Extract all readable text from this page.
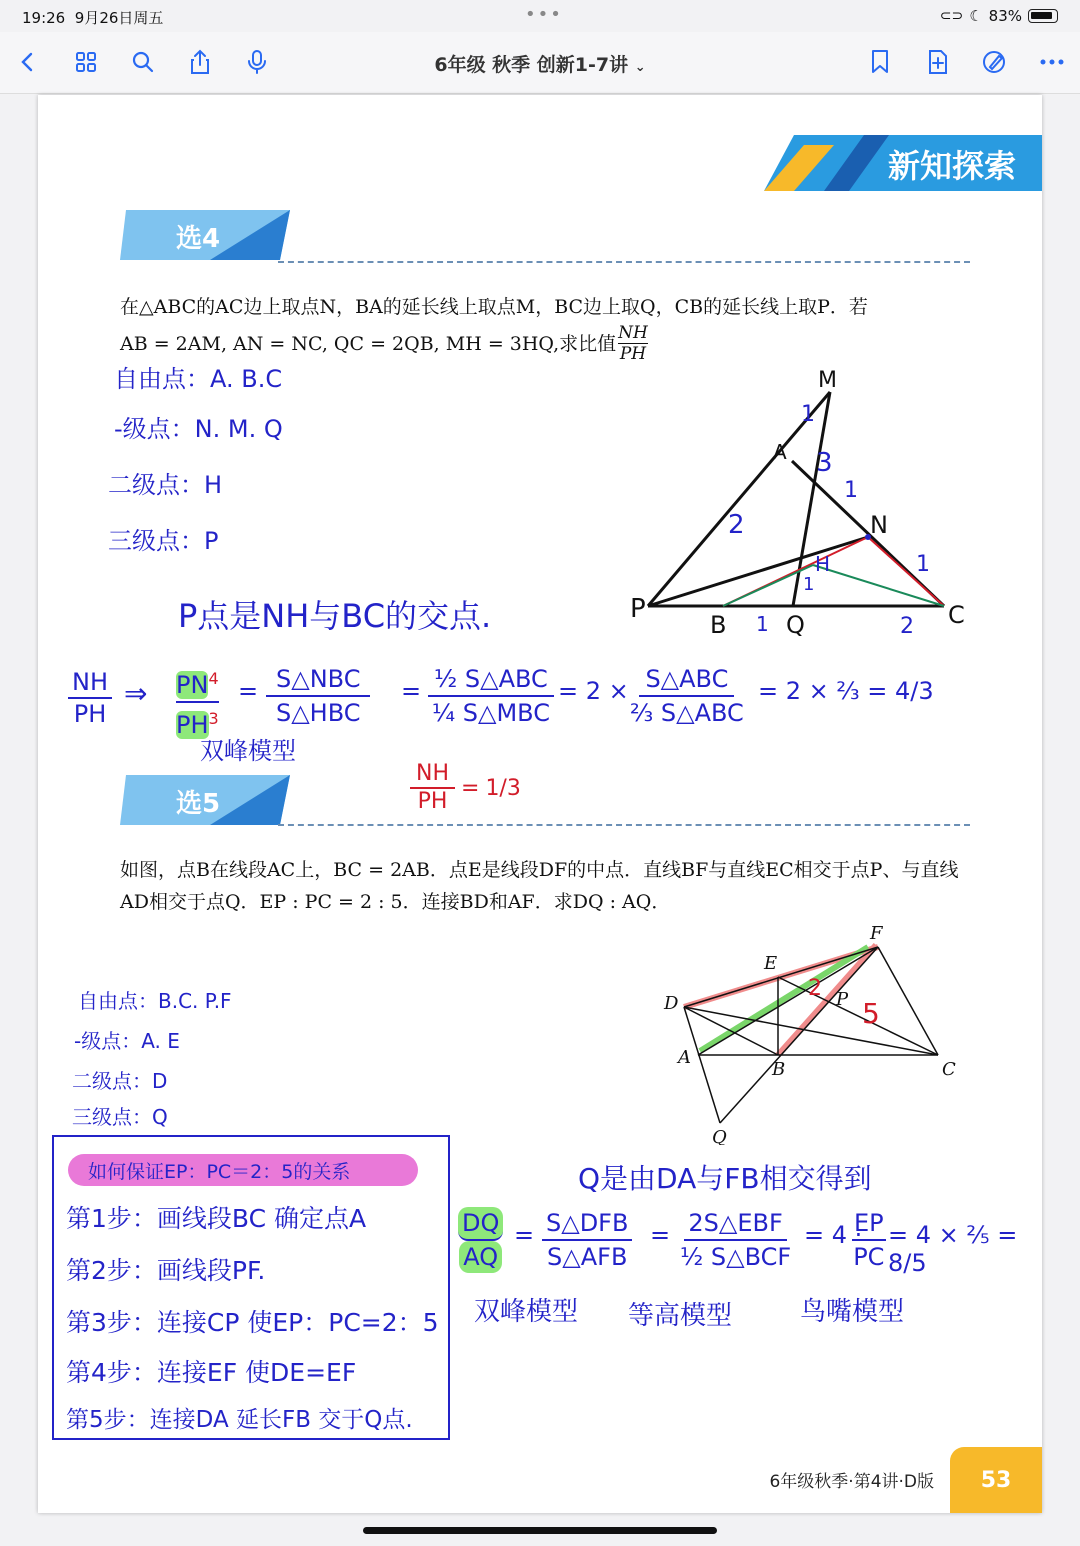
19:26 9月26日周五	•••	⊂⊃ ☾ 83%
6年级 秋季 创新1-7讲 ⌄
新知探索
选4
在△ABC的AC边上取点N，BA的延长线上取点M，BC边上取Q，CB的延长线上取P．若
AB = 2AM, AN = NC, QC = 2QB, MH = 3HQ,求比值 NH
PH
自由点：A. B.C
-级点：N. M. Q
二级点：H
三级点：P
P点是NH与BC的交点.
M
A
N
H
P
B Q	C
1
3
1
2
1
1
2
1
NH
PH
⇒ $PN^4$
$PH^3$
= S△NBC
S△HBC
= ½ S△ABC
¼ S△MBC
= 2 × S△ABC
⅔ S△ABC
= 2 × ⅔ = 4/3
双峰模型
$\frac{NH}{PH} = 1/3$
选5
如图，点B在线段AC上，BC = 2AB．点E是线段DF的中点．直线BF与直线EC相交于点P、与直线
AD相交于点Q．EP : PC = 2 : 5．连接BD和AF．求DQ : AQ．
F
E
D	P
A
B	C
Q
2
5
自由点：B.C. P.F
-级点：A. E
二级点：D
三级点：Q
如何保证EP：PC＝2：5的关系
第1步：画线段BC 确定点A
第2步：画线段PF.
第3步：连接CP 使EP：PC=2：5
第4步：连接EF 使DE=EF
第5步：连接DA 延长FB 交于Q点.
Q是由DA与FB相交得到
DQ
AQ
= S△DFB
S△AFB
= 2S△EBF
½ S△BCF
= 4 ·
EP
PC
= 4 × ⅖ = 8/5
双峰模型 等高模型	鸟嘴模型
6年级秋季·第4讲·D版	53
